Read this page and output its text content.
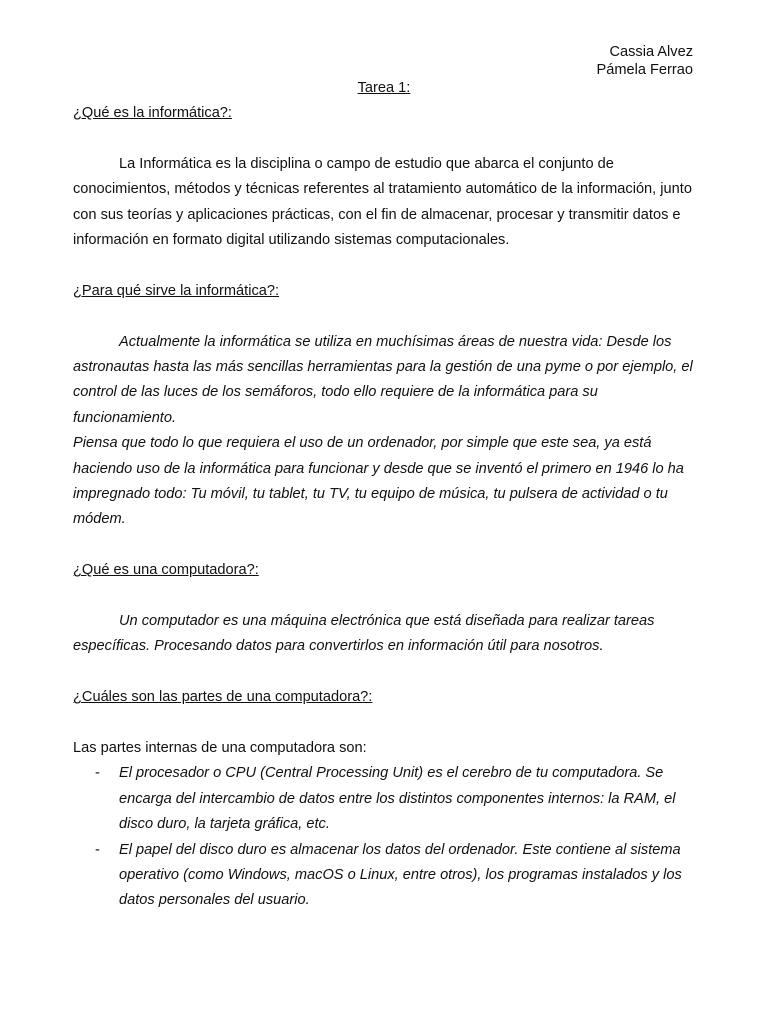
Cassia Alvez
Pámela Ferrao
Tarea 1:

¿Qué es la informática?:

La Informática es la disciplina o campo de estudio que abarca el conjunto de conocimientos, métodos y técnicas referentes al tratamiento automático de la información, junto con sus teorías y aplicaciones prácticas, con el fin de almacenar, procesar y transmitir datos e información en formato digital utilizando sistemas computacionales.

¿Para qué sirve la informática?:

Actualmente la informática se utiliza en muchísimas áreas de nuestra vida: Desde los astronautas hasta las más sencillas herramientas para la gestión de una pyme o por ejemplo, el control de las luces de los semáforos, todo ello requiere de la informática para su funcionamiento.

Piensa que todo lo que requiera el uso de un ordenador, por simple que este sea, ya está haciendo uso de la informática para funcionar y desde que se inventó el primero en 1946 lo ha impregnado todo: Tu móvil, tu tablet, tu TV, tu equipo de música, tu pulsera de actividad o tu módem.

¿Qué es una computadora?:

Un computador es una máquina electrónica que está diseñada para realizar tareas específicas. Procesando datos para convertirlos en información útil para nosotros.

¿Cuáles son las partes de una computadora?:

Las partes internas de una computadora son:

- El procesador o CPU (Central Processing Unit) es el cerebro de tu computadora. Se encarga del intercambio de datos entre los distintos componentes internos: la RAM, el disco duro, la tarjeta gráfica, etc.
- El papel del disco duro es almacenar los datos del ordenador. Este contiene al sistema operativo (como Windows, macOS o Linux, entre otros), los programas instalados y los datos personales del usuario.
